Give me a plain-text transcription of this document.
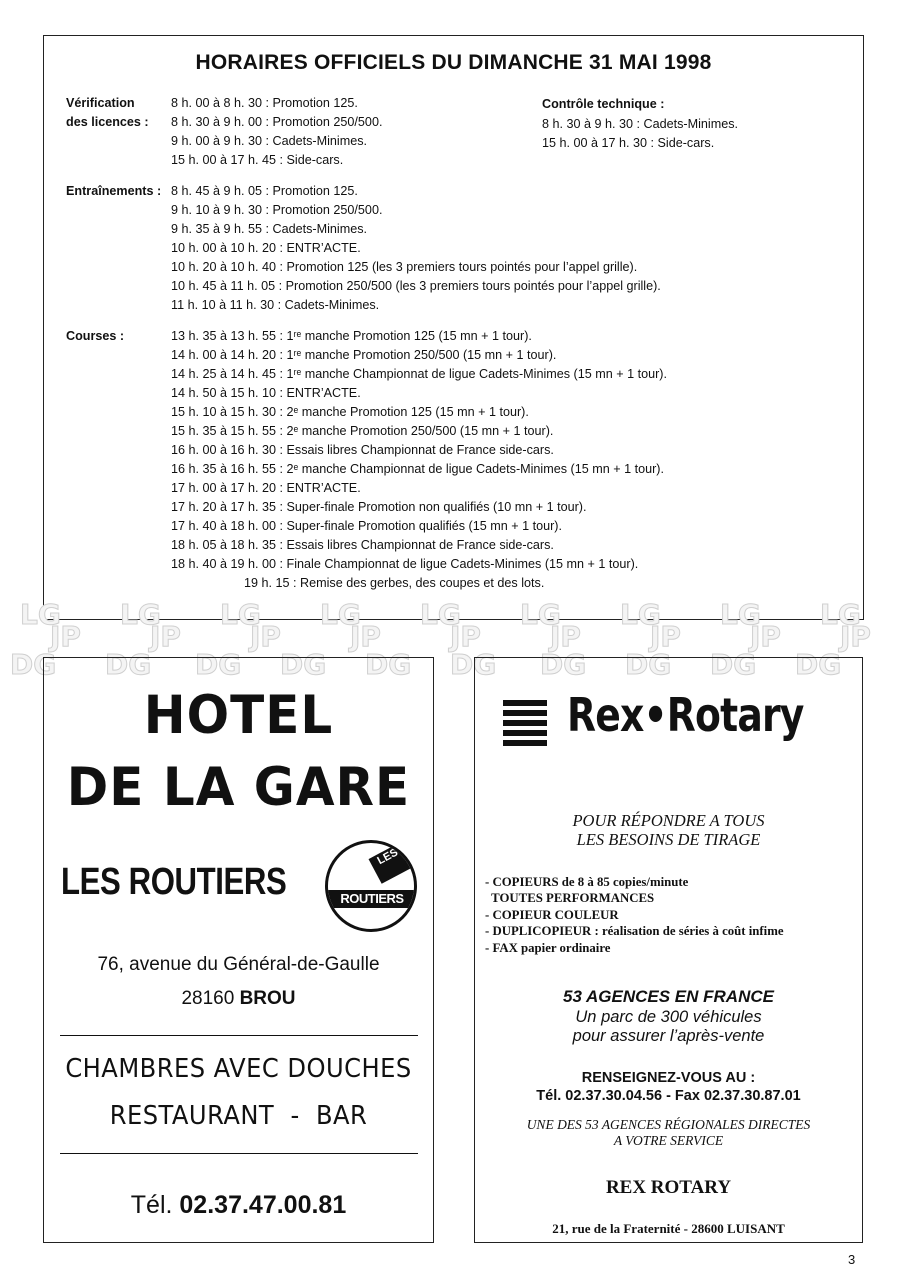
HORAIRES OFFICIELS DU DIMANCHE 31 MAI 1998
Vérification
des licences :
8 h. 00 à 8 h. 30 : Promotion 125.
8 h. 30 à 9 h. 00 : Promotion 250/500.
9 h. 00 à 9 h. 30 : Cadets-Minimes.
15 h. 00 à 17 h. 45 : Side-cars.
Contrôle technique :
8 h. 30 à 9 h. 30 : Cadets-Minimes.
15 h. 00 à 17 h. 30 : Side-cars.
Entraînements : 8 h. 45 à 9 h. 05 : Promotion 125.
9 h. 10 à 9 h. 30 : Promotion 250/500.
9 h. 35 à 9 h. 55 : Cadets-Minimes.
10 h. 00 à 10 h. 20 : ENTR’ACTE.
10 h. 20 à 10 h. 40 : Promotion 125 (les 3 premiers tours pointés pour l’appel grille).
10 h. 45 à 11 h. 05 : Promotion 250/500 (les 3 premiers tours pointés pour l’appel grille).
11 h. 10 à 11 h. 30 : Cadets-Minimes.
Courses :	13 h. 35 à 13 h. 55 : 1ʳᵉ manche Promotion 125 (15 mn + 1 tour).
14 h. 00 à 14 h. 20 : 1ʳᵉ manche Promotion 250/500 (15 mn + 1 tour).
14 h. 25 à 14 h. 45 : 1ʳᵉ manche Championnat de ligue Cadets-Minimes (15 mn + 1 tour).
14 h. 50 à 15 h. 10 : ENTR’ACTE.
15 h. 10 à 15 h. 30 : 2ᵉ manche Promotion 125 (15 mn + 1 tour).
15 h. 35 à 15 h. 55 : 2ᵉ manche Promotion 250/500 (15 mn + 1 tour).
16 h. 00 à 16 h. 30 : Essais libres Championnat de France side-cars.
16 h. 35 à 16 h. 55 : 2ᵉ manche Championnat de ligue Cadets-Minimes (15 mn + 1 tour).
17 h. 00 à 17 h. 20 : ENTR’ACTE.
17 h. 20 à 17 h. 35 : Super-finale Promotion non qualifiés (10 mn + 1 tour).
17 h. 40 à 18 h. 00 : Super-finale Promotion qualifiés (15 mn + 1 tour).
18 h. 05 à 18 h. 35 : Essais libres Championnat de France side-cars.
18 h. 40 à 19 h. 00 : Finale Championnat de ligue Cadets-Minimes (15 mn + 1 tour).
19 h. 15 : Remise des gerbes, des coupes et des lots.
LG LG LG LG LG LG LG LG LG
JP JP JP JP JP JP JP JP JP
DG DG DG DG DG DG DG DG DG DG
HOTEL
DE LA GARE
LES ROUTIERS
LES
ROUTIERS
76, avenue du Général-de-Gaulle
28160 BROU
CHAMBRES AVEC DOUCHES
RESTAURANT  -  BAR
Tél. 02.37.47.00.81
Rex•Rotary
POUR RÉPONDRE A TOUS
LES BESOINS DE TIRAGE
- COPIEURS de 8 à 85 copies/minute
TOUTES PERFORMANCES
- COPIEUR COULEUR
- DUPLICOPIEUR : réalisation de séries à coût infime
- FAX papier ordinaire
53 AGENCES EN FRANCE
Un parc de 300 véhicules
pour assurer l’après-vente
RENSEIGNEZ-VOUS AU :
Tél. 02.37.30.04.56 - Fax 02.37.30.87.01
UNE DES 53 AGENCES RÉGIONALES DIRECTES
A VOTRE SERVICE
REX ROTARY
21, rue de la Fraternité - 28600 LUISANT
3
